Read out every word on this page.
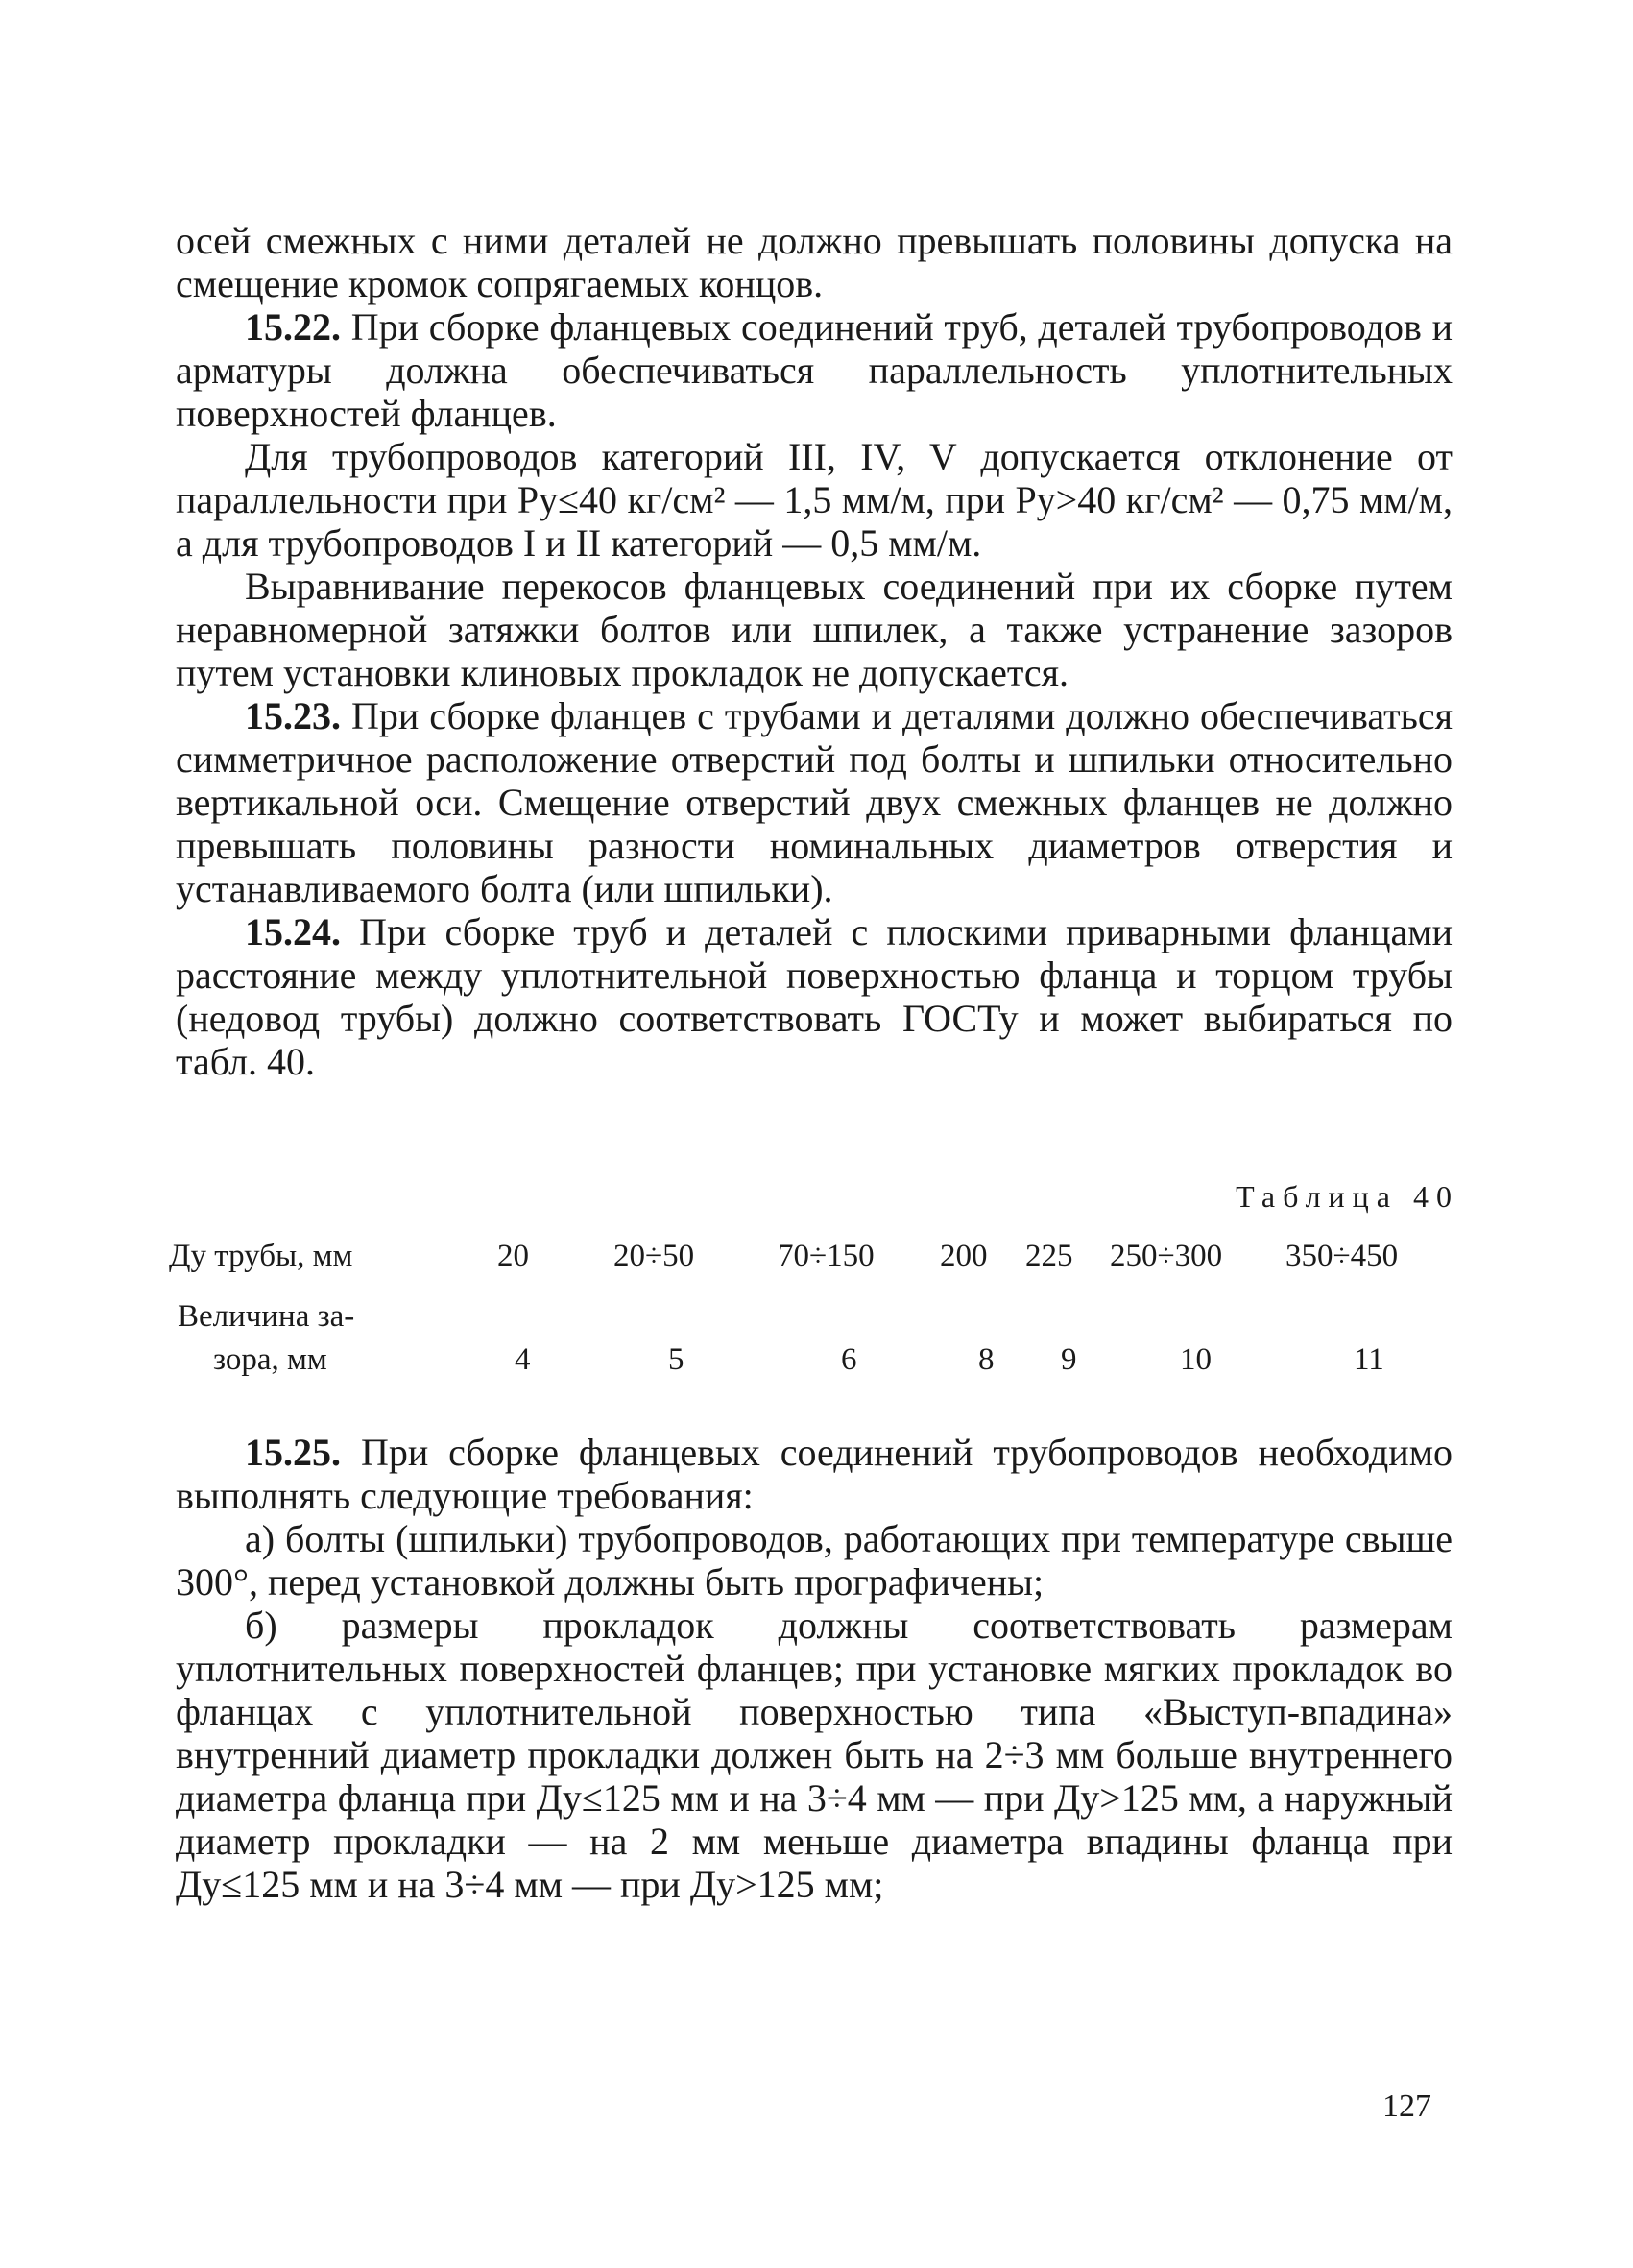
осей смежных с ними деталей не должно превышать половины допуска на смещение кромок сопрягаемых концов.

15.22. При сборке фланцевых соединений труб, деталей трубопроводов и арматуры должна обеспечиваться параллельность уплотнительных поверхностей фланцев.

Для трубопроводов категорий III, IV, V допускается отклонение от параллельности при Pу≤40 кг/см² — 1,5 мм/м, при Pу>40 кг/см² — 0,75 мм/м, а для трубопроводов I и II категорий — 0,5 мм/м.

Выравнивание перекосов фланцевых соединений при их сборке путем неравномерной затяжки болтов или шпилек, а также устранение зазоров путем установки клиновых прокладок не допускается.

15.23. При сборке фланцев с трубами и деталями должно обеспечиваться симметричное расположение отверстий под болты и шпильки относительно вертикальной оси. Смещение отверстий двух смежных фланцев не должно превышать половины разности номинальных диаметров отверстия и устанавливаемого болта (или шпильки).

15.24. При сборке труб и деталей с плоскими приварными фланцами расстояние между уплотнительной поверхностью фланца и торцом трубы (недовод трубы) должно соответствовать ГОСТу и может выбираться по табл. 40.

Таблица 40
Дy трубы, мм	20	20÷50	70÷150 200 225 250÷300 350÷450
Величина за-
зора, мм	4	5	6	8 9	10	11

15.25. При сборке фланцевых соединений трубопроводов необходимо выполнять следующие требования:

а) болты (шпильки) трубопроводов, работающих при температуре свыше 300°, перед установкой должны быть прографичены;

б) размеры прокладок должны соответствовать размерам уплотнительных поверхностей фланцев; при установке мягких прокладок во фланцах с уплотнительной поверхностью типа «Выступ-впадина» внутренний диаметр прокладки должен быть на 2÷3 мм больше внутреннего диаметра фланца при Дy≤125 мм и на 3÷4 мм — при Дy>125 мм, а наружный диаметр прокладки — на 2 мм меньше диаметра впадины фланца при Дy≤125 мм и на 3÷4 мм — при Дy>125 мм;

127
